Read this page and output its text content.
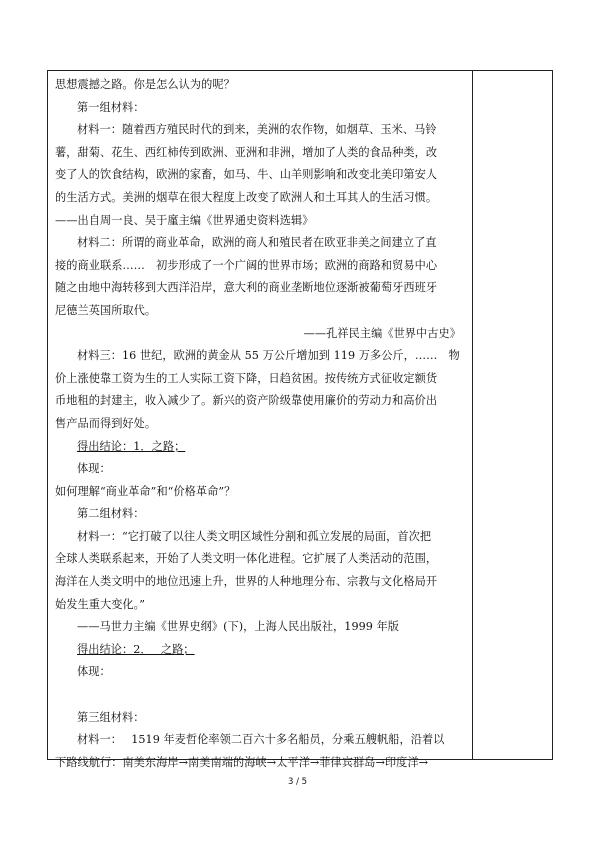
思想震撼之路。你是怎么认为的呢？

第一组材料：

材料一：随着西方殖民时代的到来，美洲的农作物，如烟草、玉米、马铃

薯，甜菊、花生、西红柿传到欧洲、亚洲和非洲，增加了人类的食品种类，改

变了人的饮食结构，欧洲的家畜，如马、牛、山羊则影响和改变北美印第安人

的生活方式。美洲的烟草在很大程度上改变了欧洲人和土耳其人的生活习惯。

——出自周一良、吴于廑主编《世界通史资料选辑》

材料二：所谓的商业革命，欧洲的商人和殖民者在欧亚非美之间建立了直

接的商业联系……　初步形成了一个广阔的世界市场；欧洲的商路和贸易中心

随之由地中海转移到大西洋沿岸，意大利的商业垄断地位逐渐被葡萄牙西班牙

尼德兰英国所取代。

——孔祥民主编《世界中古史》

材料三：16 世纪，欧洲的黄金从 55 万公斤增加到 119 万多公斤，……　物

价上涨使靠工资为生的工人实际工资下降，日趋贫困。按传统方式征收定额货

币地租的封建主，收入减少了。新兴的资产阶级靠使用廉价的劳动力和高价出

售产品而得到好处。

得出结论：1．之路；

体现：

如何理解“商业革命”和“价格革命”？

第二组材料：

材料一：“它打破了以往人类文明区域性分割和孤立发展的局面，首次把

全球人类联系起来，开始了人类文明一体化进程。它扩展了人类活动的范围，

海洋在人类文明中的地位迅速上升，世界的人种地理分布、宗教与文化格局开

始发生重大变化。”

——马世力主编《世界史纲》(下)，上海人民出版社，1999 年版

得出结论：2．　 之路；

体现：

第三组材料：

材料一：　 1519 年麦哲伦率领二百六十多名船员，分乘五艘帆船，沿着以

下路线航行：南美东海岸→南美南端的海峡→太平洋→菲律宾群岛→印度洋→

3 / 5
